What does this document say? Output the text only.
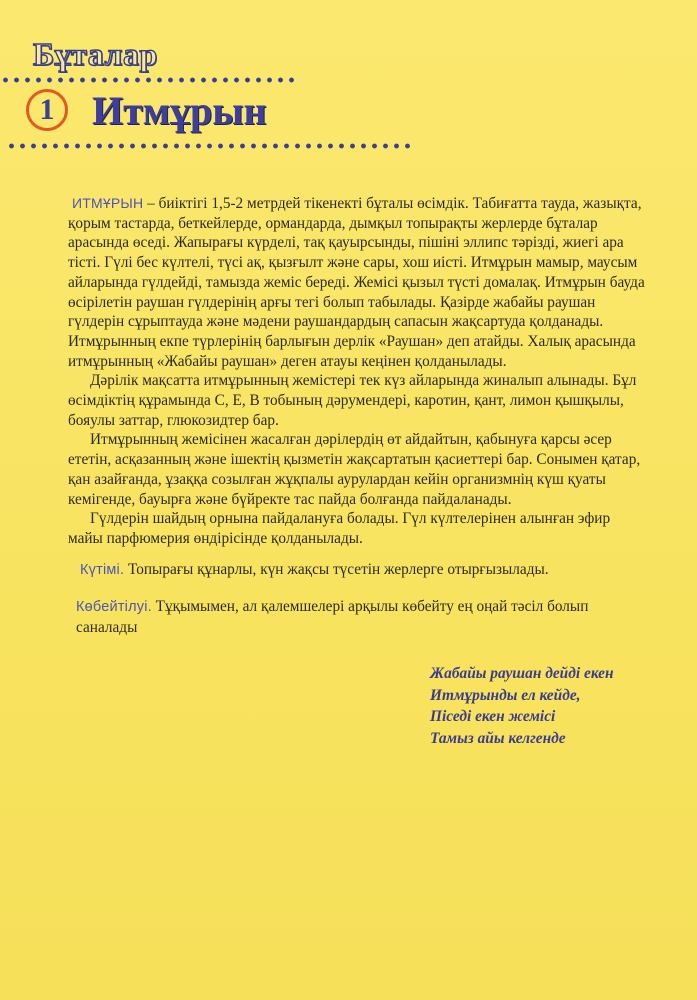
Бұталар
1 Итмұрын

ИТМҰРЫН – биіктігі 1,5-2 метрдей тікенекті бұталы өсімдік. Табиғатта тауда, жазықта, қорым тастарда, беткейлерде, ормандарда, дымқыл топырақты жерлерде бұталар арасында өседі. Жапырағы күрделі, тақ қауырсынды, пішіні эллипс тәрізді, жиегі ара тісті. Гүлі бес күлтелі, түсі ақ, қызғылт және сары, хош иісті. Итмұрын мамыр, маусым айларында гүлдейді, тамызда жеміс береді. Жемісі қызыл түсті домалақ. Итмұрын бауда өсірілетін раушан гүлдерінің арғы тегі болып табылады. Қазірде жабайы раушан гүлдерін сұрыптауда және мәдени раушандардың сапасын жақсартуда қолданады. Итмұрынның екпе түрлерінің барлығын дерлік «Раушан» деп атайды. Халық арасында итмұрынның «Жабайы раушан» деген атауы кеңінен қолданылады.

Дәрілік мақсатта итмұрынның жемістері тек күз айларында жиналып алынады. Бұл өсімдіктің құрамында С, Е, В тобының дәрумендері, каротин, қант, лимон қышқылы, бояулы заттар, глюкозидтер бар.

Итмұрынның жемісінен жасалған дәрілердің өт айдайтын, қабынуға қарсы әсер ететін, асқазанның және ішектің қызметін жақсартатын қасиеттері бар. Сонымен қатар, қан азайғанда, ұзаққа созылған жұқпалы аурулардан кейін организмнің күш қуаты кемігенде, бауырға және бүйректе тас пайда болғанда пайдаланады.

Гүлдерін шайдың орнына пайдалануға болады. Гүл күлтелерінен алынған эфир майы парфюмерия өндірісінде қолданылады.

Күтімі. Топырағы құнарлы, күн жақсы түсетін жерлерге отырғызылады.
Көбейтілуі. Тұқымымен, ал қалемшелері арқылы көбейту ең оңай тәсіл болып саналады
Жабайы раушан дейді екен
Итмұрынды ел кейде,
Піседі екен жемісі
Тамыз айы келгенде
